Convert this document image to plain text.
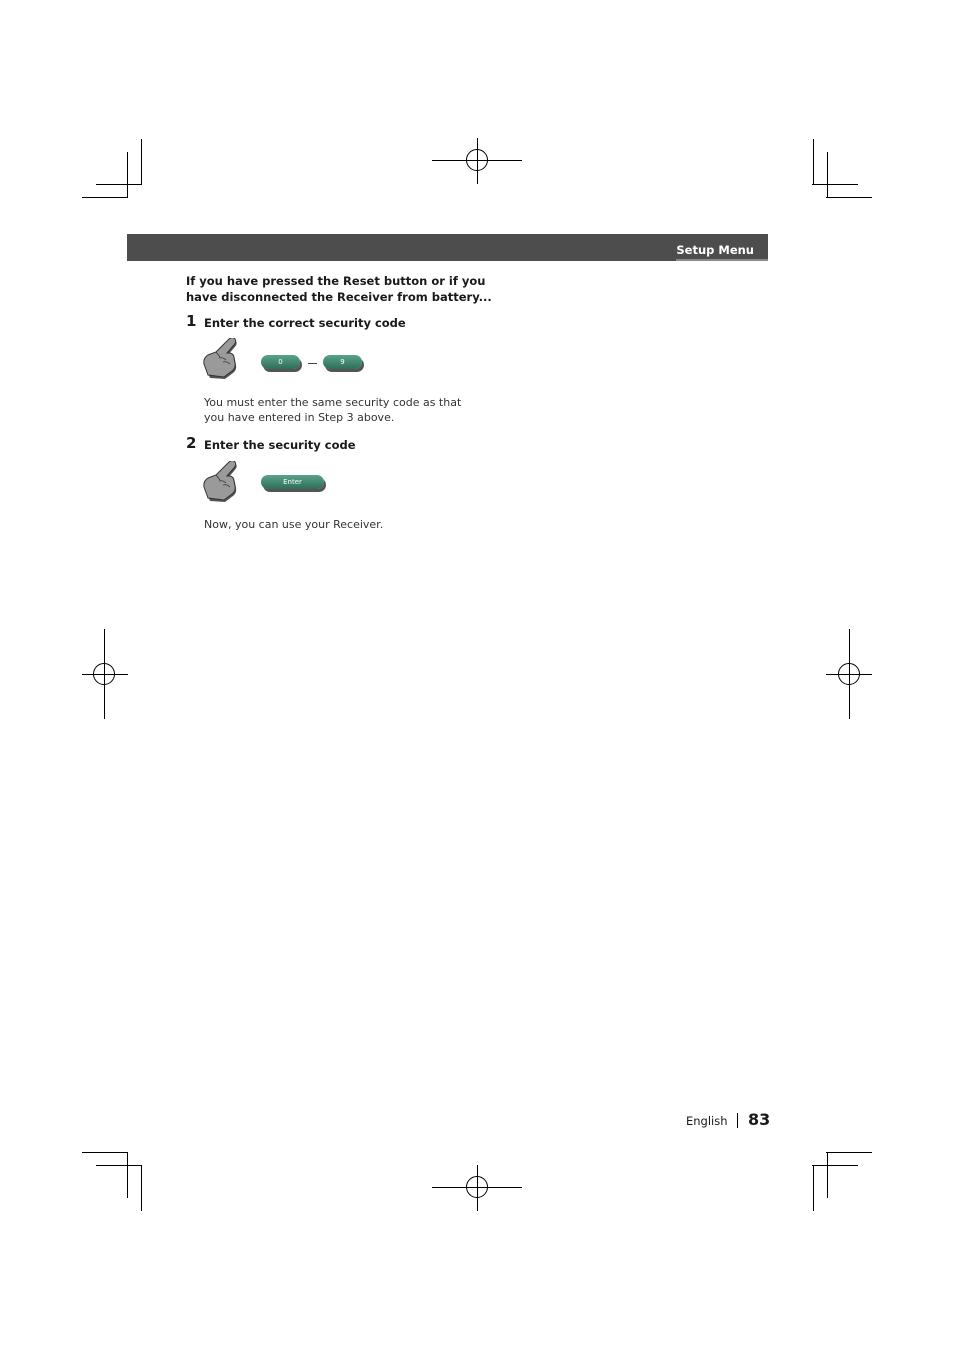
Setup Menu
If you have pressed the Reset button or if you have disconnected the Receiver from battery...
1 Enter the correct security code
0	9
You must enter the same security code as that you have entered in Step 3 above.
2 Enter the security code
Enter
Now, you can use your Receiver.
English 83
